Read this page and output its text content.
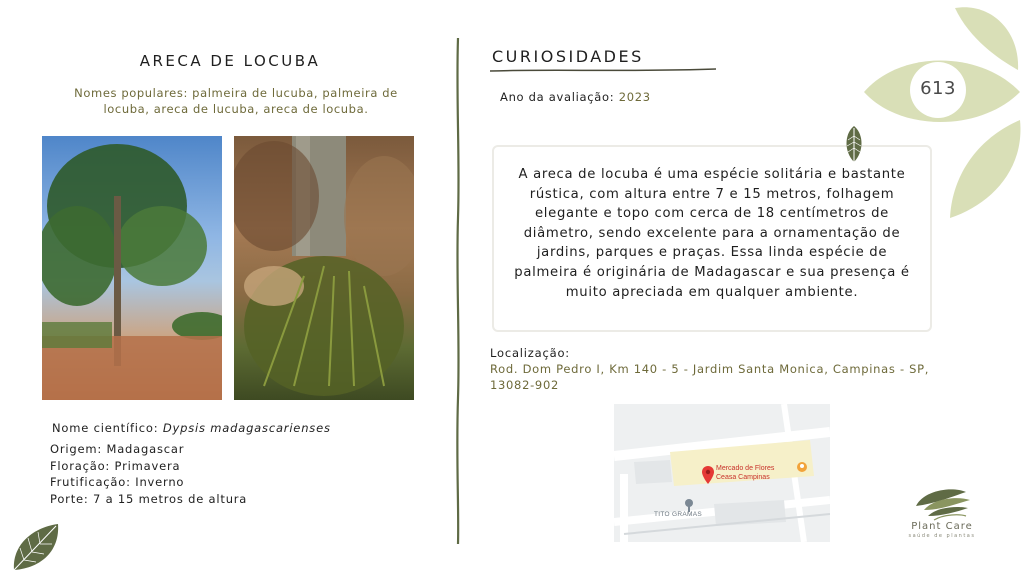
ARECA DE LOCUBA
Nomes populares: palmeira de lucuba, palmeira de locuba, areca de lucuba, areca de locuba.
Nome científico: Dypsis madagascarienses
Origem: Madagascar
Floração: Primavera
Frutificação: Inverno
Porte: 7 a 15 metros de altura
CURIOSIDADES
Ano da avaliação: 2023

A areca de locuba é uma espécie solitária e bastante rústica, com altura entre 7 e 15 metros, folhagem elegante e topo com cerca de 18 centímetros de diâmetro, sendo excelente para a ornamentação de jardins, parques e praças. Essa linda espécie de palmeira é originária de Madagascar e sua presença é muito apreciada em qualquer ambiente.

Localização:
Rod. Dom Pedro I, Km 140 - 5 - Jardim Santa Monica, Campinas - SP, 13082-902
Mercado de Flores
Ceasa Campinas
TITO GRAMAS
613
Plant Care
saúde de plantas
